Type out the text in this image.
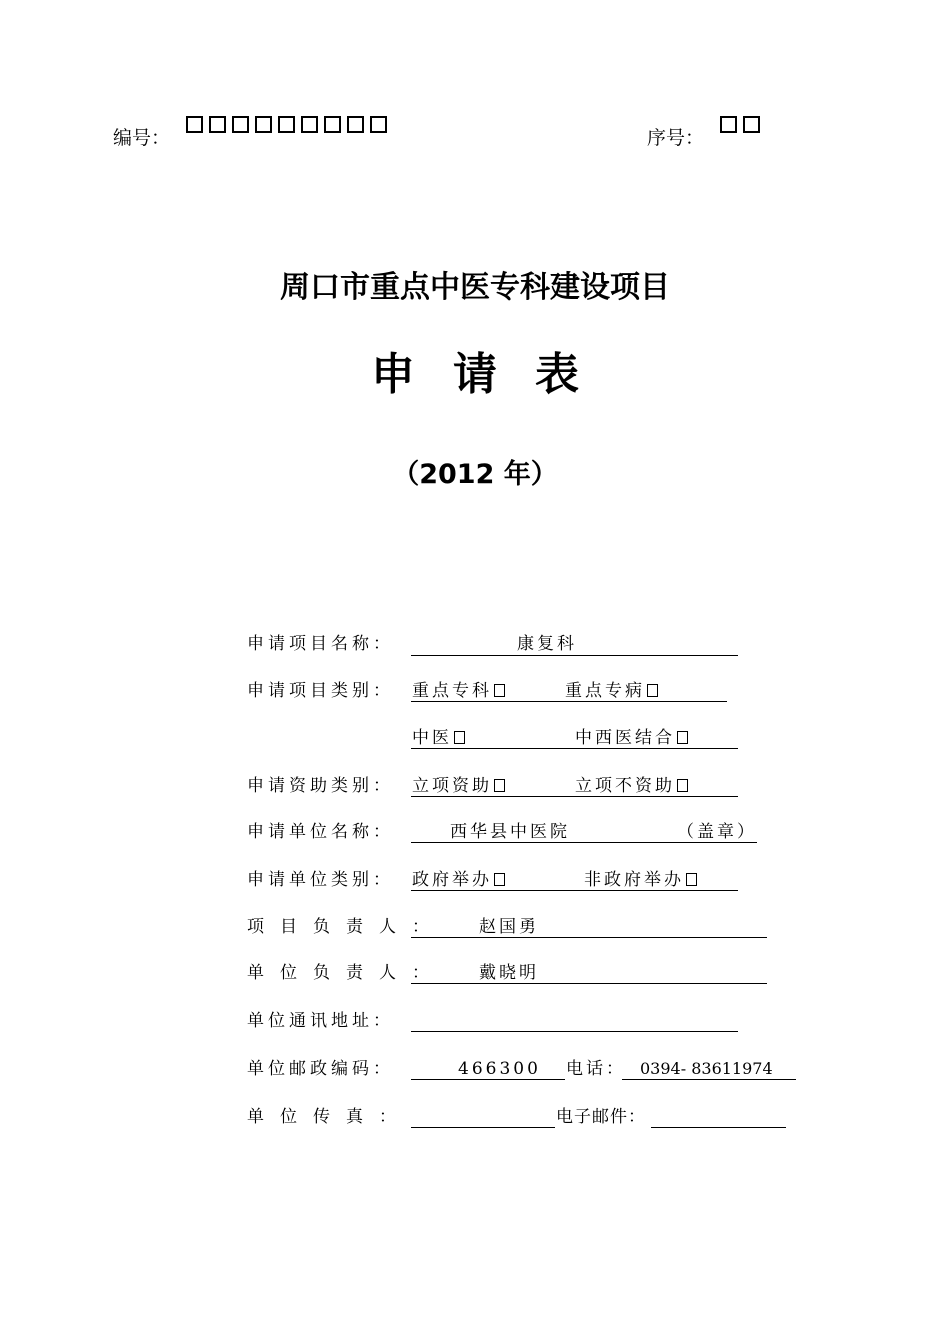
编号：	序号：
周口市重点中医专科建设项目
申请表
（2012 年）
申请项目名称：	康复科
申请项目类别： 重点专科	重点专病
中医	中西医结合
申请资助类别： 立项资助	立项不资助
申请单位名称：	西华县中医院	（盖章）
申请单位类别： 政府举办	非政府举办
项目负责人： 赵国勇
单位负责人： 戴晓明
单位通讯地址：
单位邮政编码：	466300 电话： 0394- 83611974
单位传真：	电子邮件：
